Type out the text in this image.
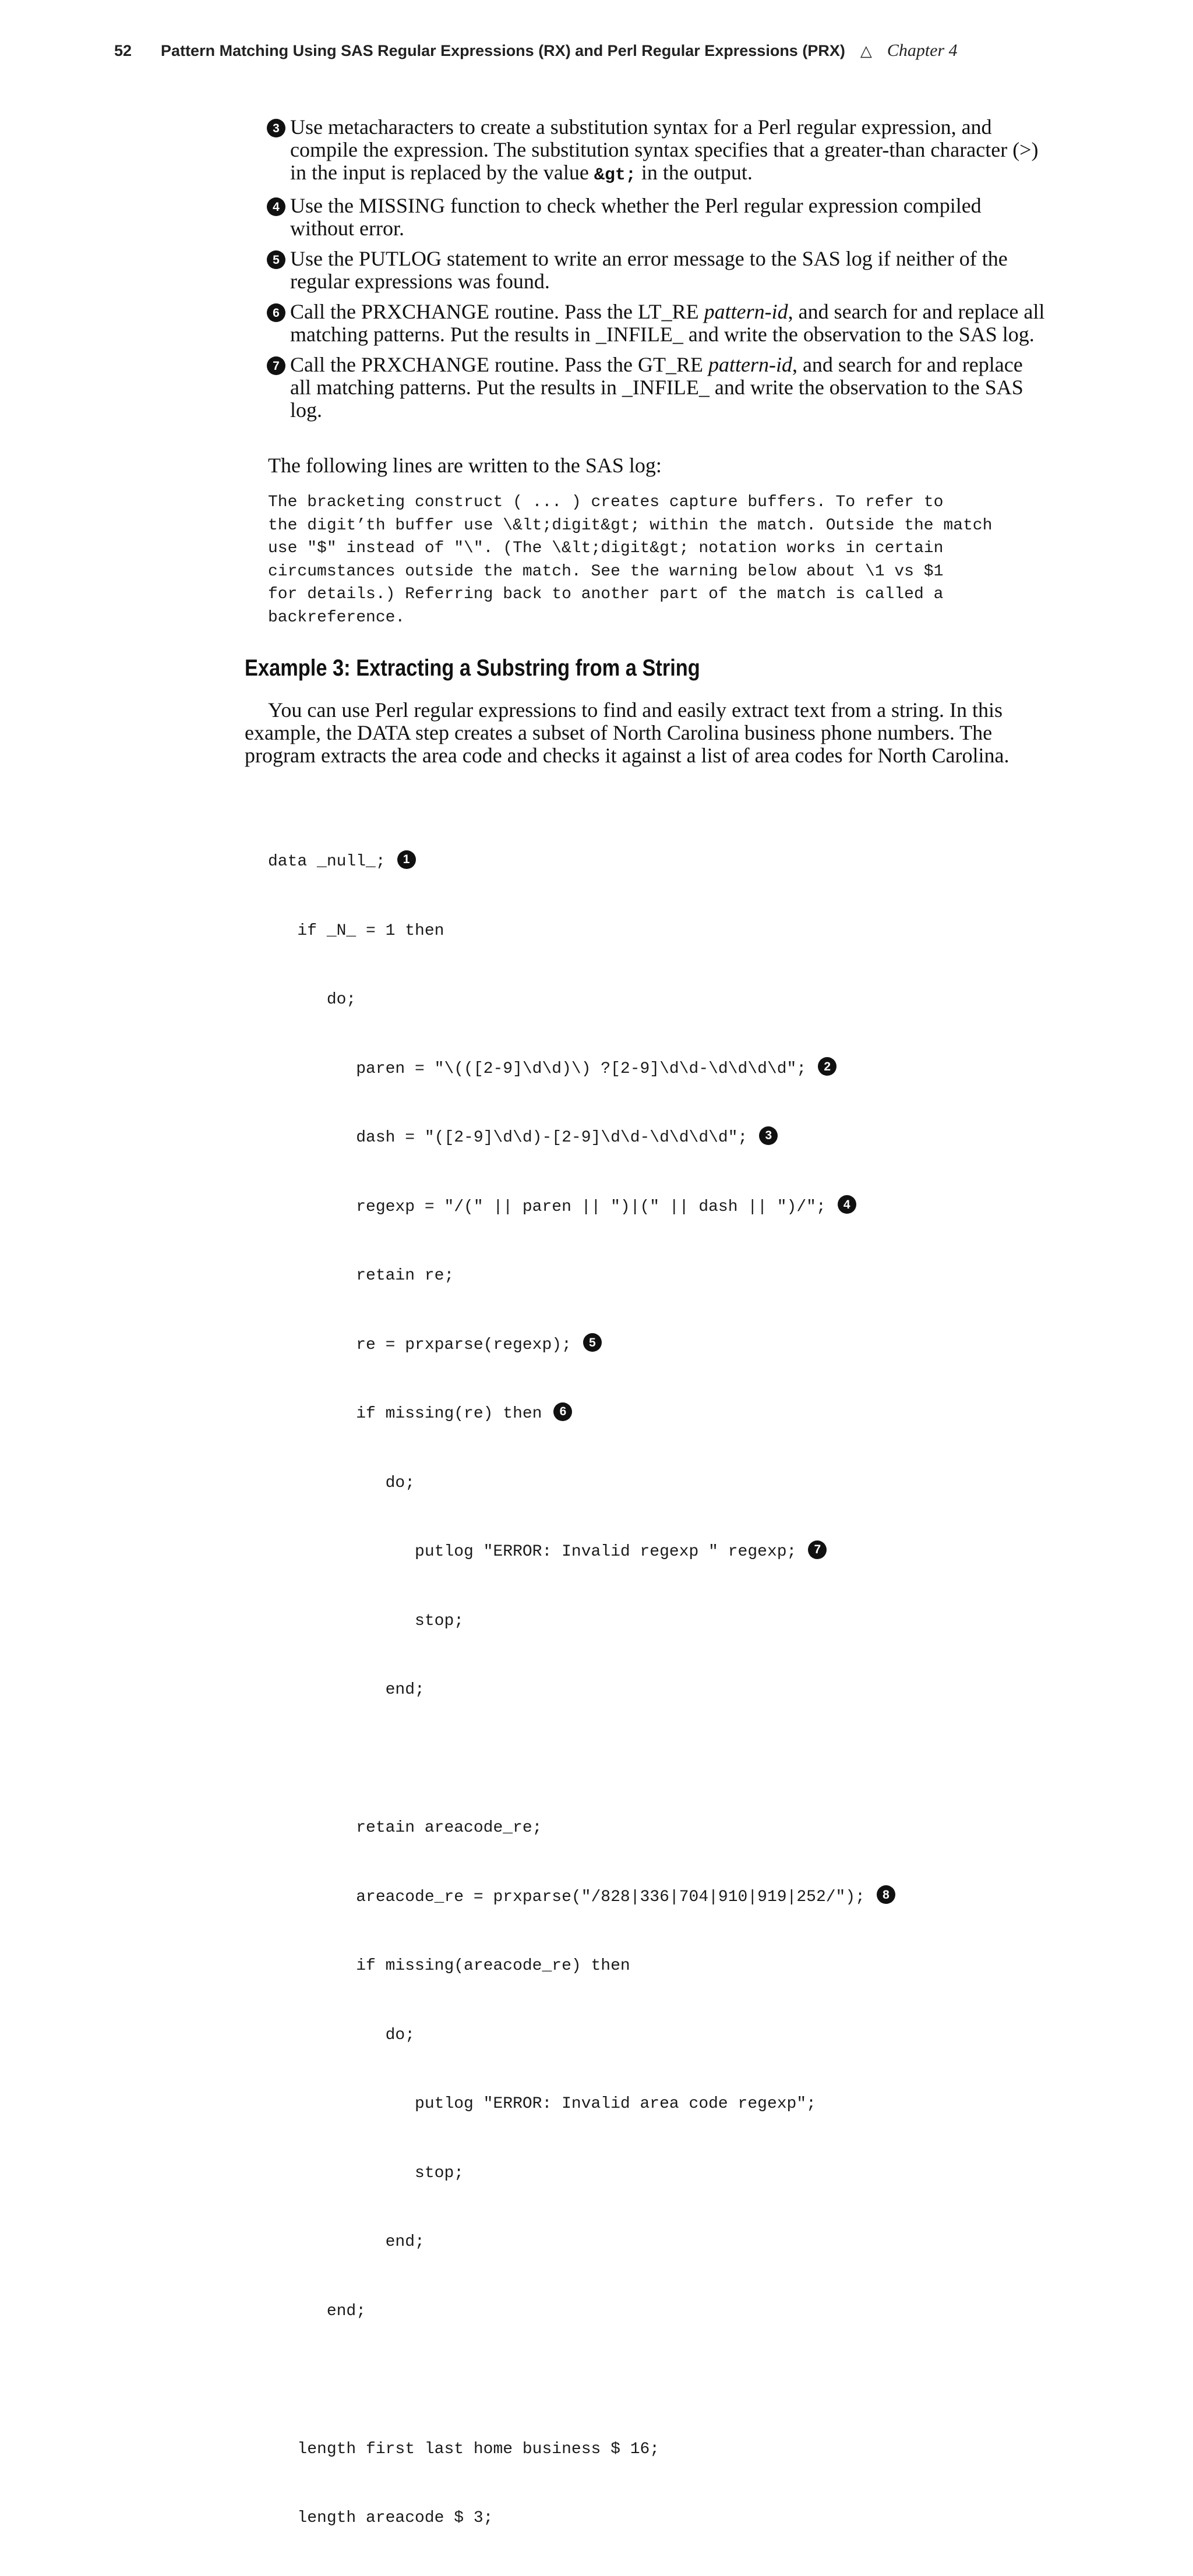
52 Pattern Matching Using SAS Regular Expressions (RX) and Perl Regular Expressions (PRX) △ Chapter 4
3 Use metacharacters to create a substitution syntax for a Perl regular expression, and compile the expression. The substitution syntax specifies that a greater-than character (>) in the input is replaced by the value &gt; in the output.
4 Use the MISSING function to check whether the Perl regular expression compiled without error.
5 Use the PUTLOG statement to write an error message to the SAS log if neither of the regular expressions was found.
6 Call the PRXCHANGE routine. Pass the LT_RE pattern-id, and search for and replace all matching patterns. Put the results in _INFILE_ and write the observation to the SAS log.
7 Call the PRXCHANGE routine. Pass the GT_RE pattern-id, and search for and replace all matching patterns. Put the results in _INFILE_ and write the observation to the SAS log.
The following lines are written to the SAS log:
The bracketing construct ( ... ) creates capture buffers. To refer to
the digit’th buffer use \&lt;digit&gt; within the match. Outside the match
use "$" instead of "\". (The \&lt;digit&gt; notation works in certain
circumstances outside the match. See the warning below about \1 vs $1
for details.) Referring back to another part of the match is called a
backreference.
Example 3: Extracting a Substring from a String

You can use Perl regular expressions to find and easily extract text from a string. In this example, the DATA step creates a subset of North Carolina business phone numbers. The program extracts the area code and checks it against a list of area codes for North Carolina.

data _null_; 1

if _N_ = 1 then

do;

paren = "\(([2-9]\d\d)\) ?[2-9]\d\d-\d\d\d\d"; 2

dash = "([2-9]\d\d)-[2-9]\d\d-\d\d\d\d"; 3

regexp = "/(" || paren || ")|(" || dash || ")/"; 4

retain re;

re = prxparse(regexp); 5

if missing(re) then 6

do;

putlog "ERROR: Invalid regexp " regexp; 7

stop;

end;

retain areacode_re;

areacode_re = prxparse("/828|336|704|910|919|252/"); 8

if missing(areacode_re) then

do;

putlog "ERROR: Invalid area code regexp";

stop;

end;

end;

length first last home business $ 16;

length areacode $ 3;
